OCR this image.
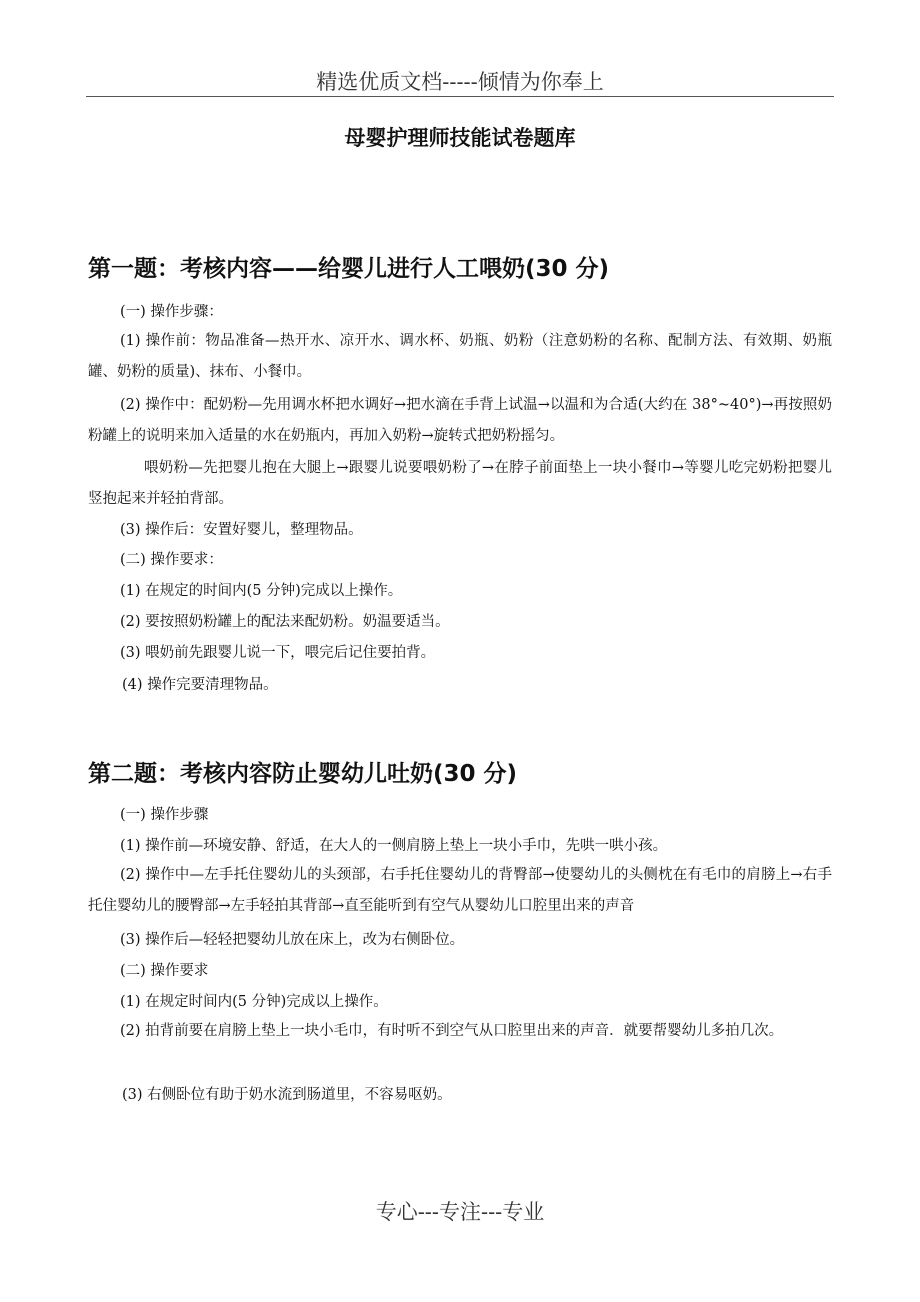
精选优质文档-----倾情为你奉上
母婴护理师技能试卷题库
第一题：考核内容——给婴儿进行人工喂奶(30 分)
(一) 操作步骤：
(1) 操作前：物品准备—热开水、凉开水、调水杯、奶瓶、奶粉（注意奶粉的名称、配制方法、有效期、奶瓶罐、奶粉的质量)、抹布、小餐巾。
(2) 操作中：配奶粉—先用调水杯把水调好→把水滴在手背上试温→以温和为合适(大约在 38°~40°)→再按照奶粉罐上的说明来加入适量的水在奶瓶内，再加入奶粉→旋转式把奶粉摇匀。
喂奶粉—先把婴儿抱在大腿上→跟婴儿说要喂奶粉了→在脖子前面垫上一块小餐巾→等婴儿吃完奶粉把婴儿竖抱起来并轻拍背部。
(3) 操作后：安置好婴儿，整理物品。
(二) 操作要求：
(1) 在规定的时间内(5 分钟)完成以上操作。
(2) 要按照奶粉罐上的配法来配奶粉。奶温要适当。
(3) 喂奶前先跟婴儿说一下，喂完后记住要拍背。
(4) 操作完要清理物品。
第二题：考核内容防止婴幼儿吐奶(30 分)
(一) 操作步骤
(1) 操作前—环境安静、舒适，在大人的一侧肩膀上垫上一块小手巾，先哄一哄小孩。
(2) 操作中—左手托住婴幼儿的头颈部，右手托住婴幼儿的背臀部→使婴幼儿的头侧枕在有毛巾的肩膀上→右手托住婴幼儿的腰臀部→左手轻拍其背部→直至能听到有空气从婴幼儿口腔里出来的声音
(3) 操作后—轻轻把婴幼儿放在床上，改为右侧卧位。
(二) 操作要求
(1) 在规定时间内(5 分钟)完成以上操作。
(2) 拍背前要在肩膀上垫上一块小毛巾，有时听不到空气从口腔里出来的声音．就要帮婴幼儿多拍几次。
(3) 右侧卧位有助于奶水流到肠道里，不容易呕奶。
专心---专注---专业
